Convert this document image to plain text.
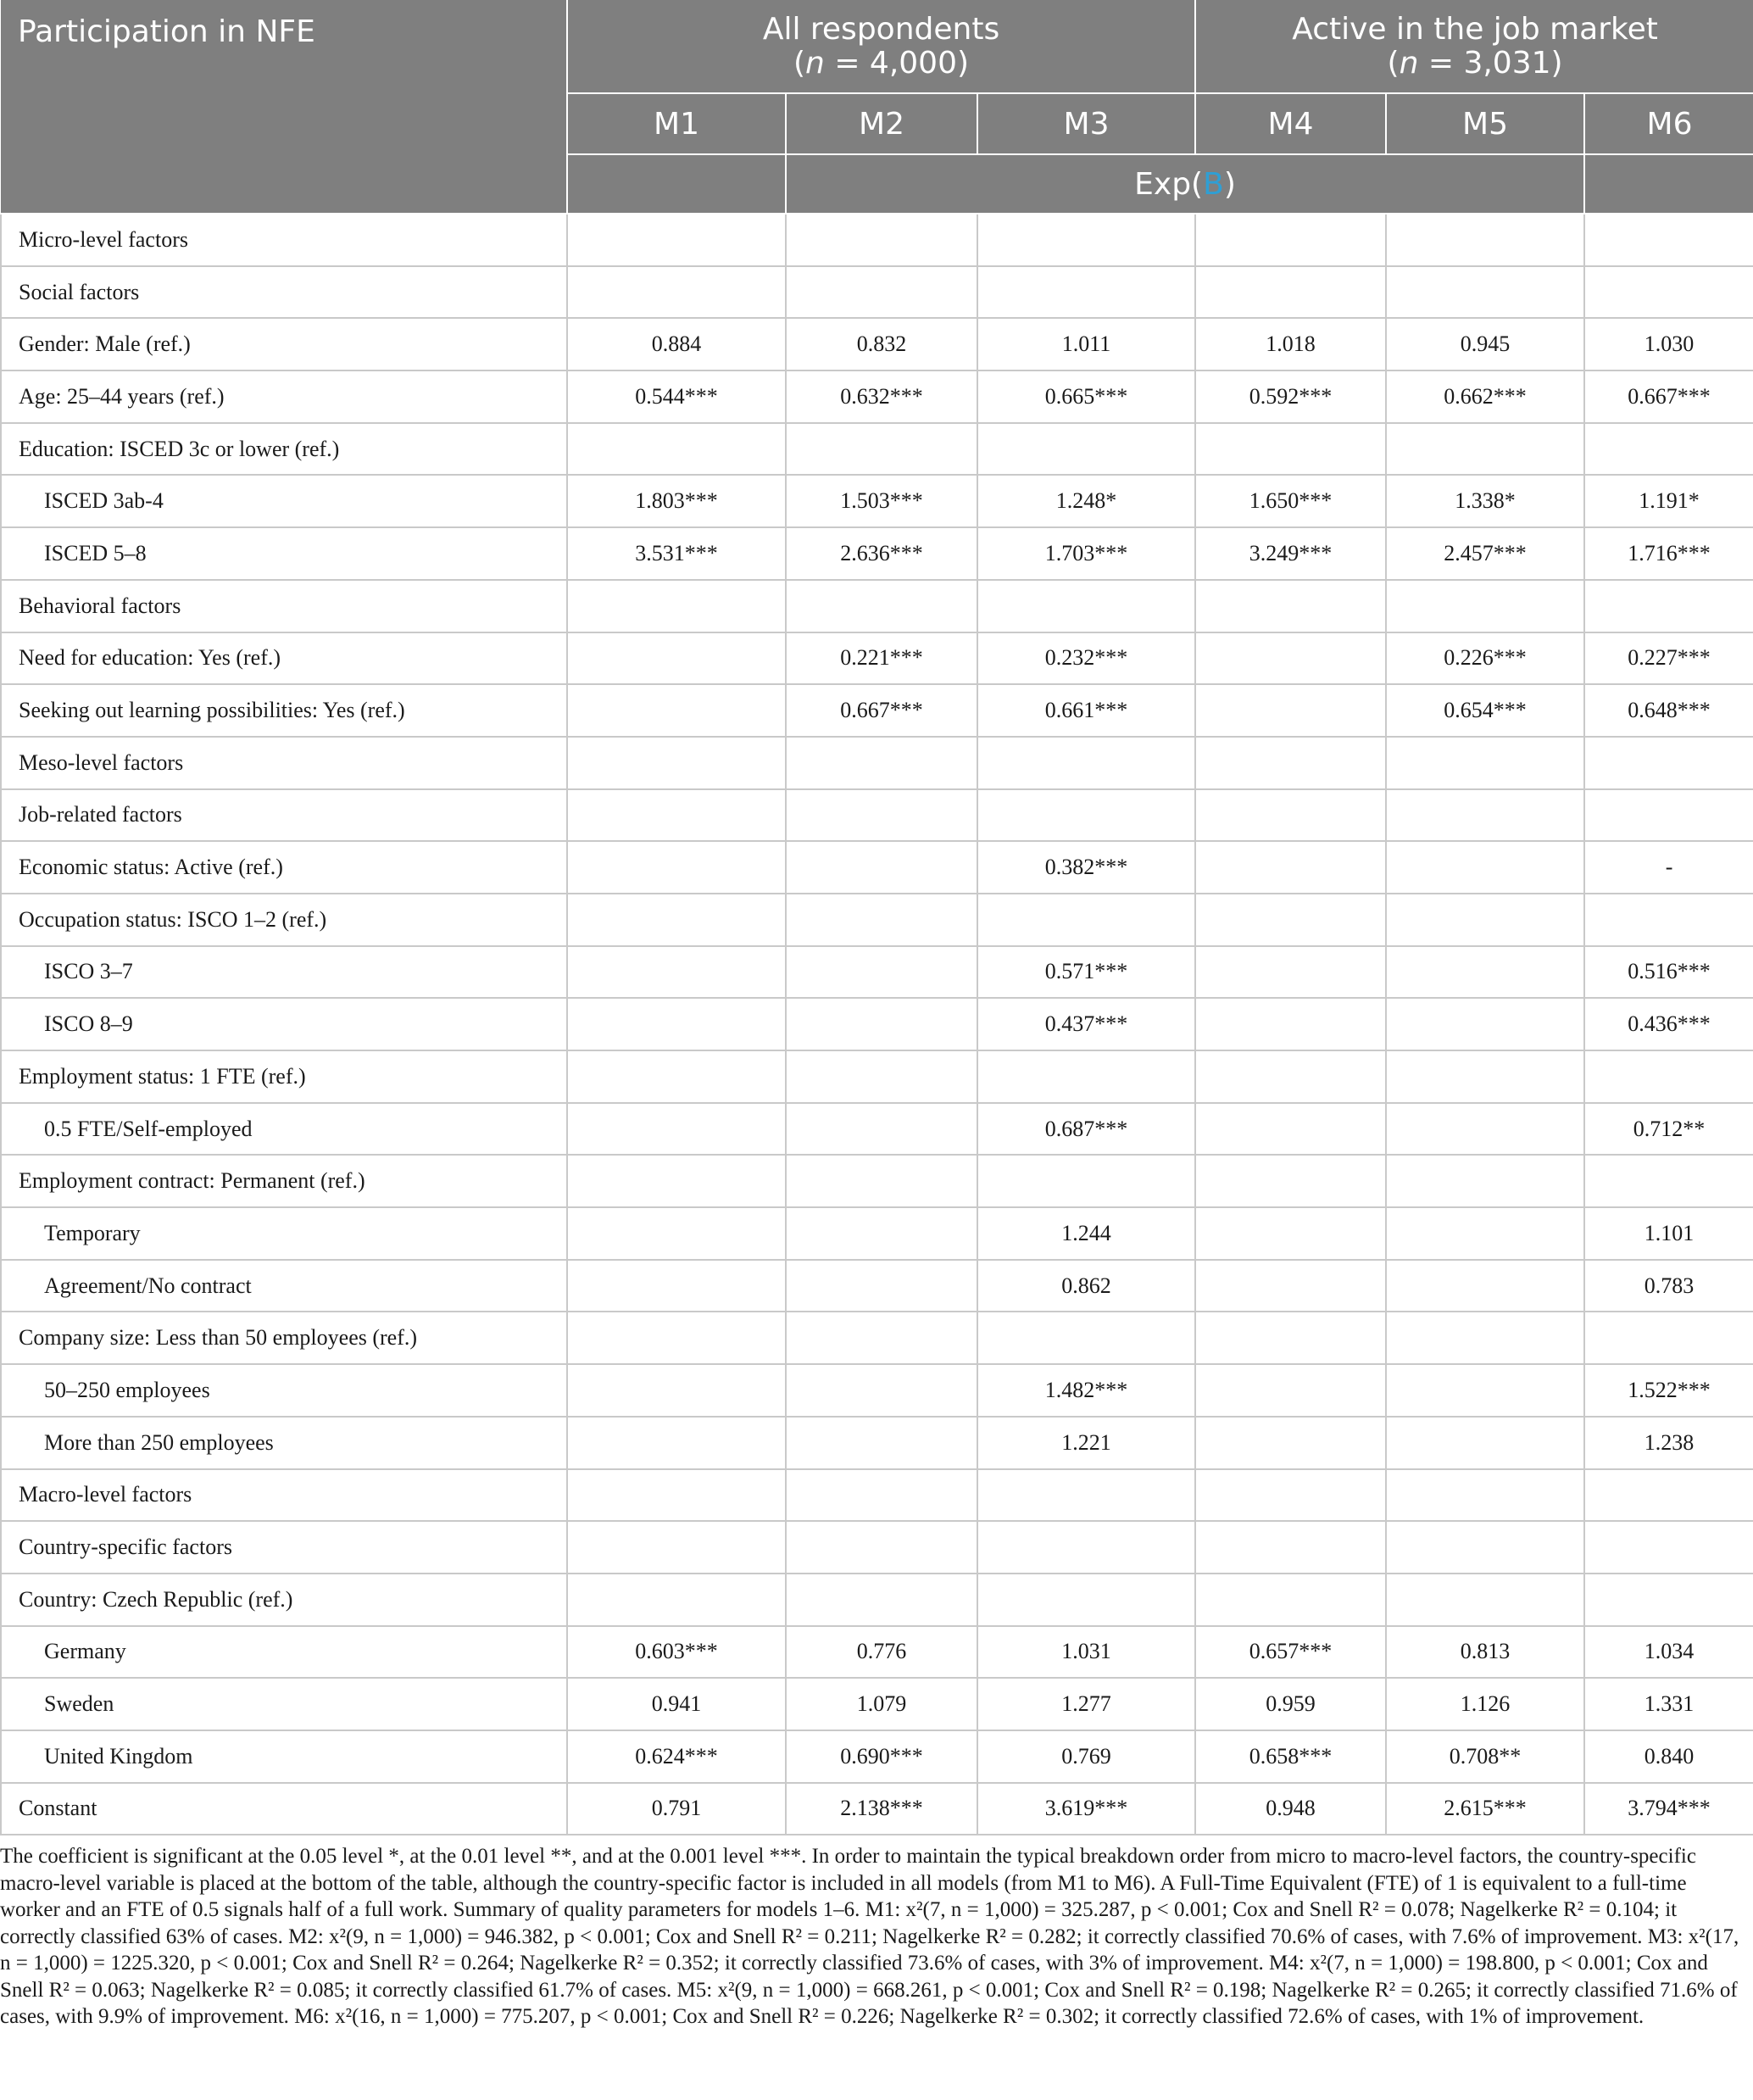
Participation in NFE	All respondents
(n = 4,000)			Active in the job market
(n = 3,031)		
	M1	M2	M3	M4	M5	M6
		Exp(B)				
Micro-level factors						
Social factors						
Gender: Male (ref.)	0.884	0.832	1.011	1.018	0.945	1.030
Age: 25–44 years (ref.)	0.544***	0.632***	0.665***	0.592***	0.662***	0.667***
Education: ISCED 3c or lower (ref.)						
ISCED 3ab-4	1.803***	1.503***	1.248*	1.650***	1.338*	1.191*
ISCED 5–8	3.531***	2.636***	1.703***	3.249***	2.457***	1.716***
Behavioral factors						
Need for education: Yes (ref.)		0.221***	0.232***		0.226***	0.227***
Seeking out learning possibilities: Yes (ref.)		0.667***	0.661***		0.654***	0.648***
Meso-level factors						
Job-related factors						
Economic status: Active (ref.)			0.382***			-
Occupation status: ISCO 1–2 (ref.)						
ISCO 3–7			0.571***			0.516***
ISCO 8–9			0.437***			0.436***
Employment status: 1 FTE (ref.)						
0.5 FTE/Self-employed			0.687***			0.712**
Employment contract: Permanent (ref.)						
Temporary			1.244			1.101
Agreement/No contract			0.862			0.783
Company size: Less than 50 employees (ref.)						
50–250 employees			1.482***			1.522***
More than 250 employees			1.221			1.238
Macro-level factors						
Country-specific factors						
Country: Czech Republic (ref.)						
Germany	0.603***	0.776	1.031	0.657***	0.813	1.034
Sweden	0.941	1.079	1.277	0.959	1.126	1.331
United Kingdom	0.624***	0.690***	0.769	0.658***	0.708**	0.840
Constant	0.791	2.138***	3.619***	0.948	2.615***	3.794***
The coefficient is significant at the 0.05 level *, at the 0.01 level **, and at the 0.001 level ***. In order to maintain the typical breakdown order from micro to macro-level factors, the country-specific macro-level variable is placed at the bottom of the table, although the country-specific factor is included in all models (from M1 to M6). A Full-Time Equivalent (FTE) of 1 is equivalent to a full-time worker and an FTE of 0.5 signals half of a full work. Summary of quality parameters for models 1–6. M1: x²(7, n = 1,000) = 325.287, p < 0.001; Cox and Snell R² = 0.078; Nagelkerke R² = 0.104; it correctly classified 63% of cases. M2: x²(9, n = 1,000) = 946.382, p < 0.001; Cox and Snell R² = 0.211; Nagelkerke R² = 0.282; it correctly classified 70.6% of cases, with 7.6% of improvement. M3: x²(17, n = 1,000) = 1225.320, p < 0.001; Cox and Snell R² = 0.264; Nagelkerke R² = 0.352; it correctly classified 73.6% of cases, with 3% of improvement. M4: x²(7, n = 1,000) = 198.800, p < 0.001; Cox and Snell R² = 0.063; Nagelkerke R² = 0.085; it correctly classified 61.7% of cases. M5: x²(9, n = 1,000) = 668.261, p < 0.001; Cox and Snell R² = 0.198; Nagelkerke R² = 0.265; it correctly classified 71.6% of cases, with 9.9% of improvement. M6: x²(16, n = 1,000) = 775.207, p < 0.001; Cox and Snell R² = 0.226; Nagelkerke R² = 0.302; it correctly classified 72.6% of cases, with 1% of improvement.
